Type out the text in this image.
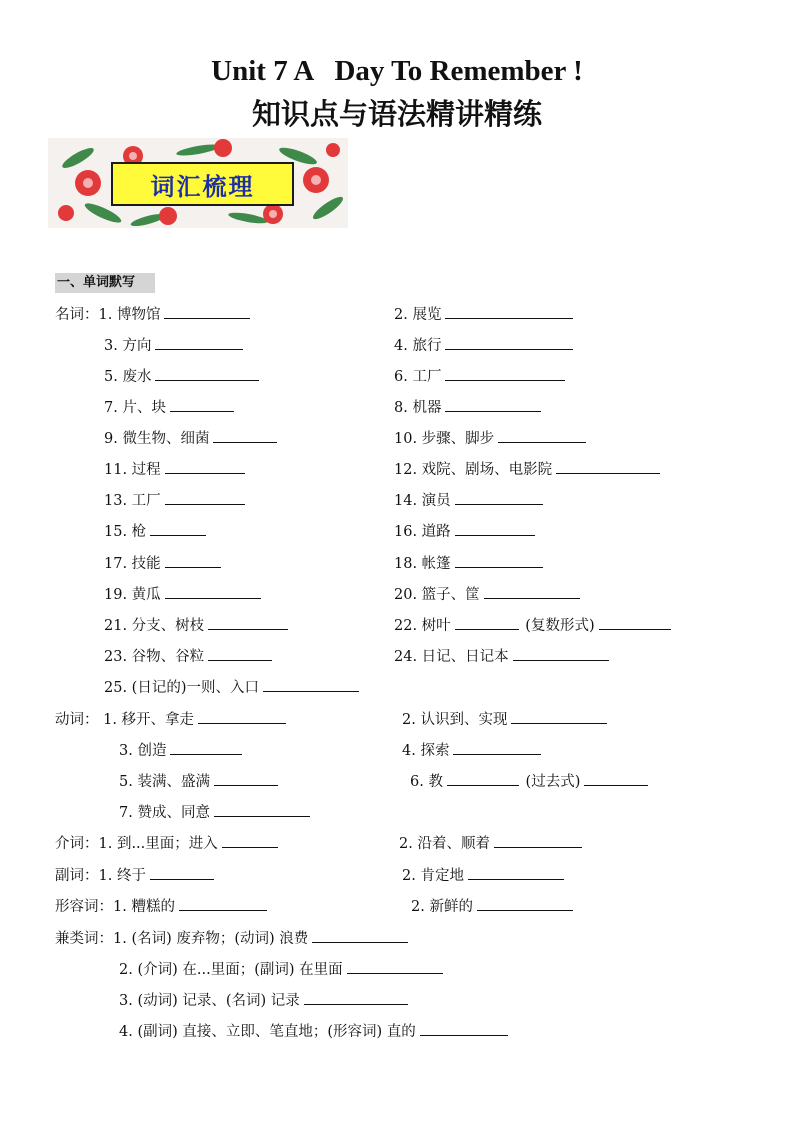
Unit 7 A   Day To Remember !
知识点与语法精讲精练
词汇梳理
一、单词默写
名词：1. 博物馆	2. 展览
3. 方向	4. 旅行
5. 废水	6. 工厂
7. 片、块	8. 机器
9. 微生物、细菌	10. 步骤、脚步
11. 过程	12. 戏院、剧场、电影院
13. 工厂	14. 演员
15. 枪	16. 道路
17. 技能	18. 帐篷
19. 黄瓜	20. 篮子、筐
21. 分支、树枝	22. 树叶	(复数形式)
23. 谷物、谷粒	24. 日记、日记本
25. (日记的)一则、入口
动词： 1. 移开、拿走	2. 认识到、实现
3. 创造	4. 探索
5. 装满、盛满	6. 教	(过去式)
7. 赞成、同意
介词：1. 到...里面；进入	2. 沿着、顺着
副词：1. 终于	2. 肯定地
形容词：1. 糟糕的	2. 新鲜的
兼类词：1. (名词) 废弃物；(动词) 浪费
2. (介词) 在...里面；(副词) 在里面
3. (动词) 记录、(名词) 记录
4. (副词) 直接、立即、笔直地；(形容词) 直的
